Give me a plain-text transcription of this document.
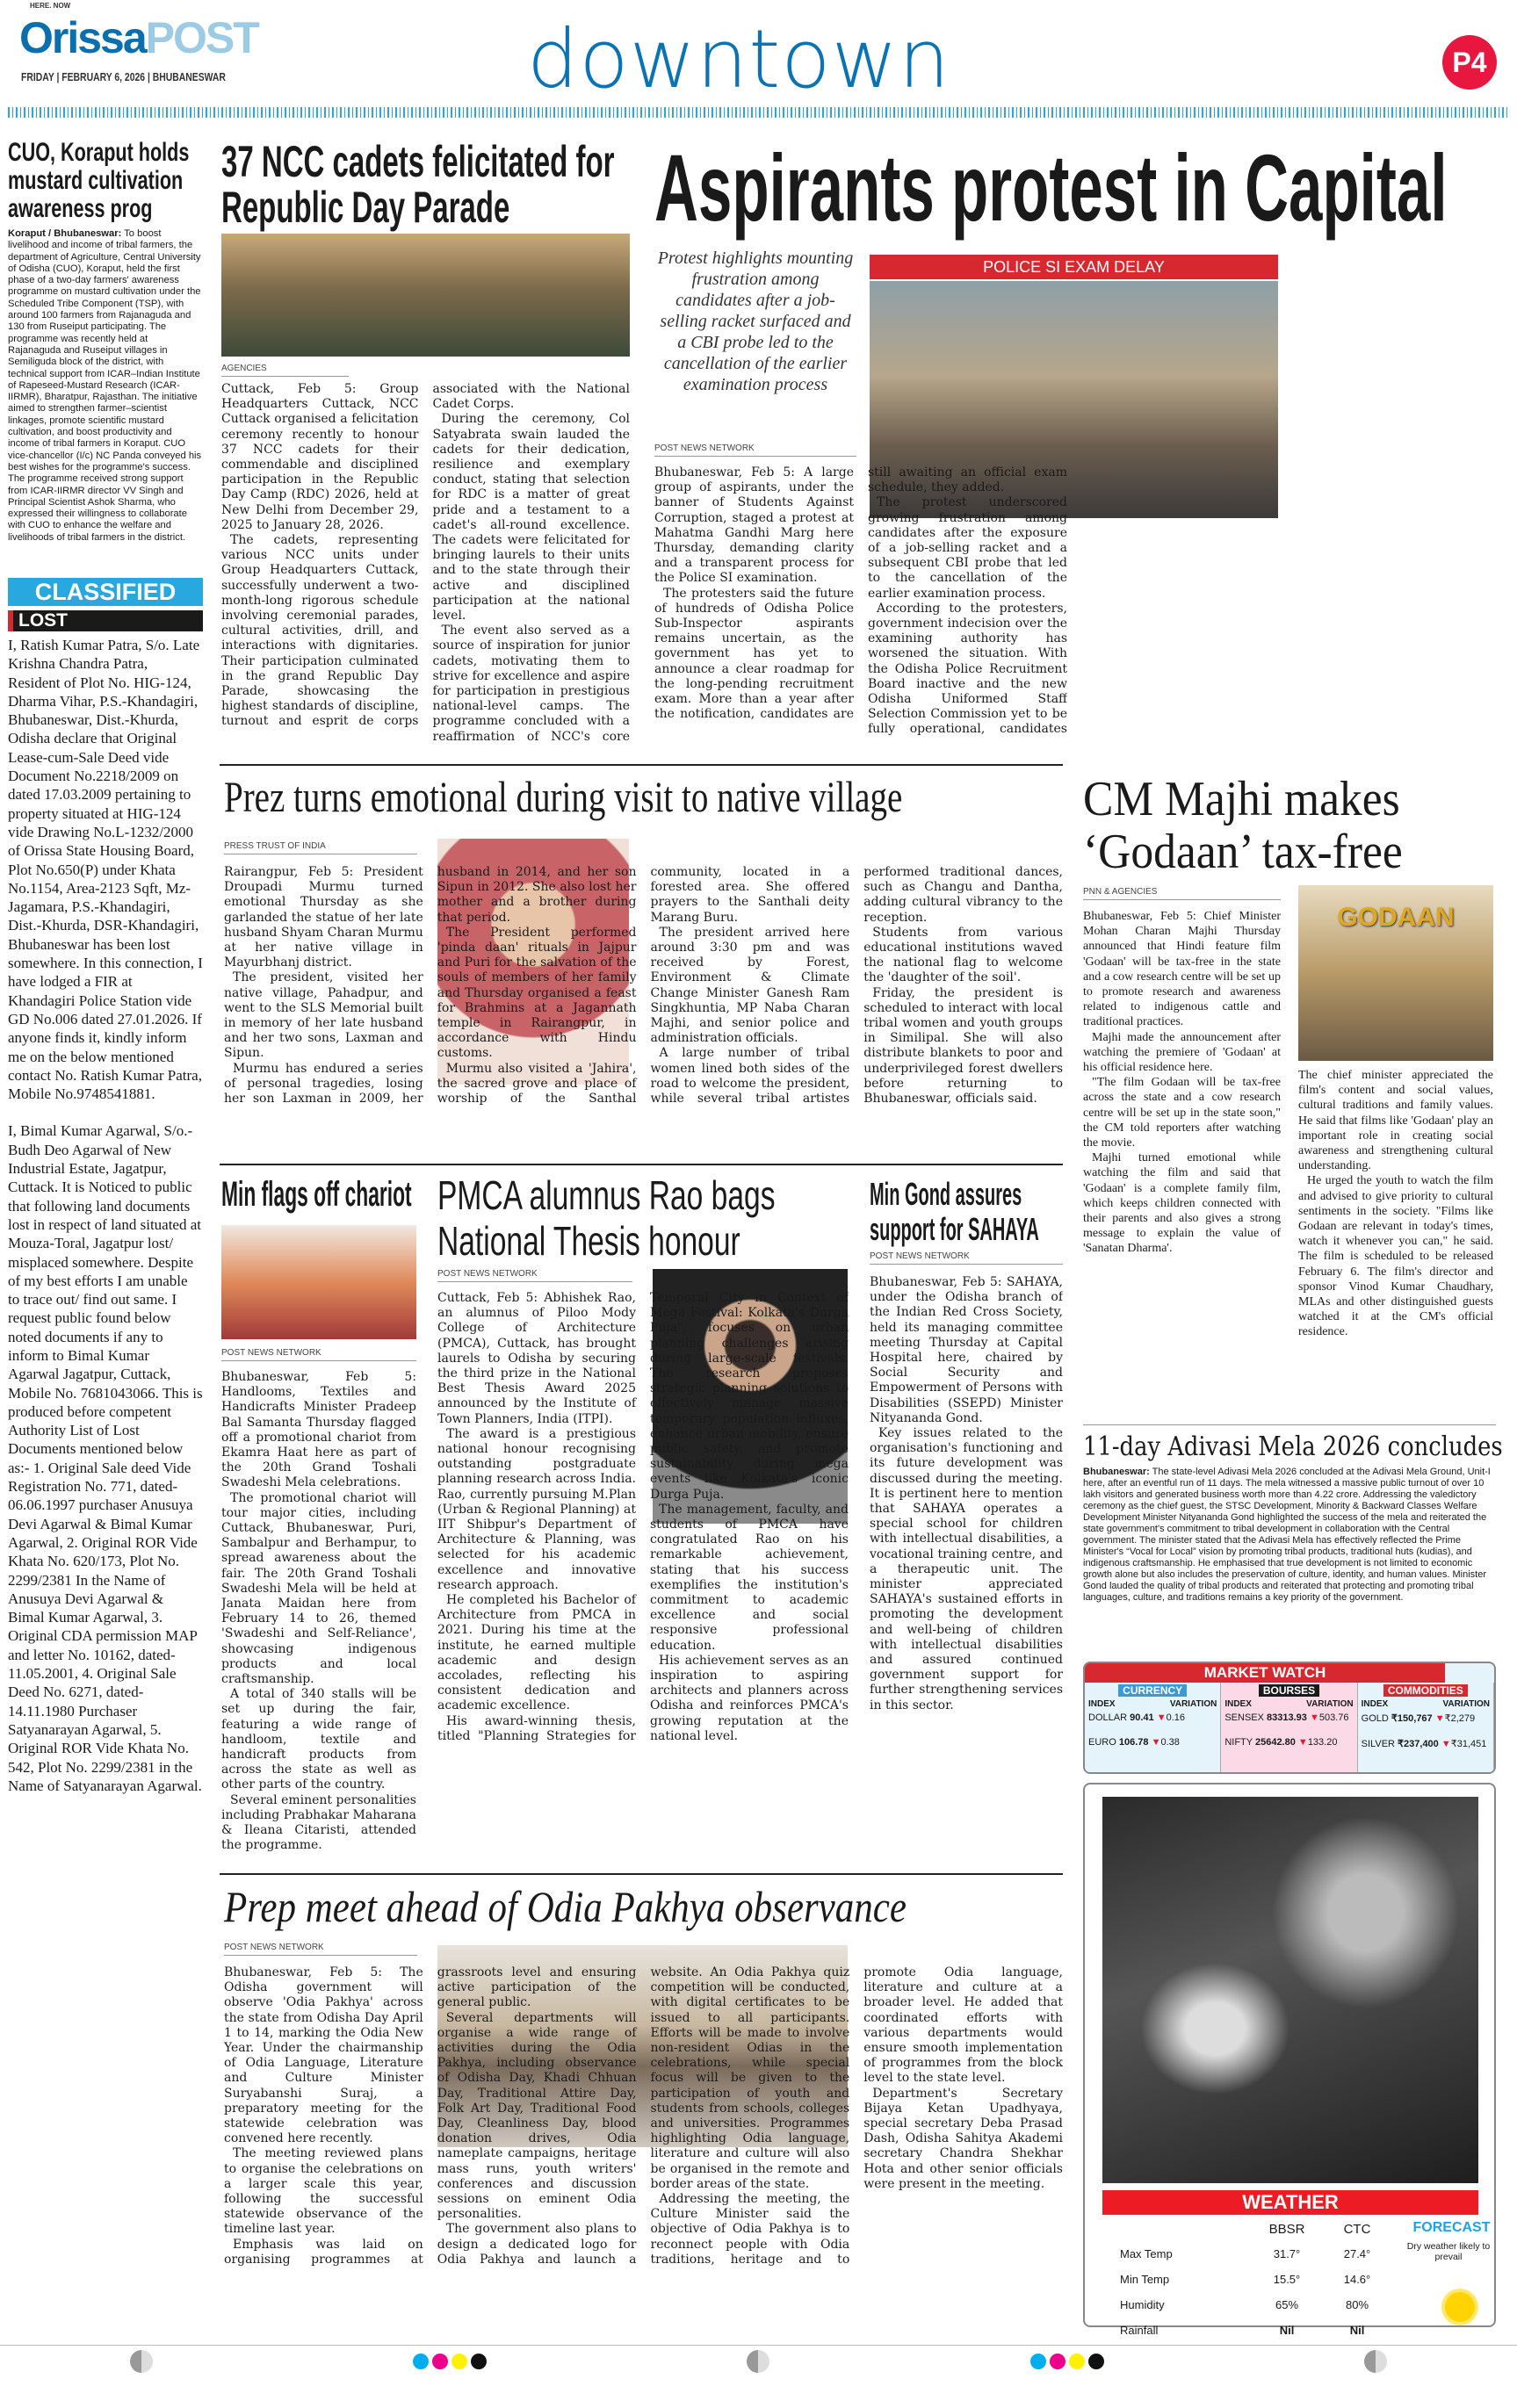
OrissaPOST
HERE. NOW
FRIDAY | FEBRUARY 6, 2026 | BHUBANESWAR	downtown	P4
CUO, Koraput holds mustard cultivation awareness prog
Koraput / Bhubaneswar: To boost livelihood and income of tribal farmers, the department of Agriculture, Central University of Odisha (CUO), Koraput, held the first phase of a two-day farmers' awareness programme on mustard cultivation under the Scheduled Tribe Component (TSP), with around 100 farmers from Rajanaguda and 130 from Ruseiput participating. The programme was recently held at Rajanaguda and Ruseiput villages in Semiliguda block of the district, with technical support from ICAR–Indian Institute of Rapeseed-Mustard Research (ICAR-IIRMR), Bharatpur, Rajasthan. The initiative aimed to strengthen farmer–scientist linkages, promote scientific mustard cultivation, and boost productivity and income of tribal farmers in Koraput. CUO vice-chancellor (I/c) NC Panda conveyed his best wishes for the programme's success. The programme received strong support from ICAR-IIRMR director VV Singh and Principal Scientist Ashok Sharma, who expressed their willingness to collaborate with CUO to enhance the welfare and livelihoods of tribal farmers in the district.
CLASSIFIED
LOST

I, Ratish Kumar Patra, S/o. Late Krishna Chandra Patra, Resident of Plot No. HIG-124, Dharma Vihar, P.S.-Khandagiri, Bhubaneswar, Dist.-Khurda, Odisha declare that Original Lease-cum-Sale Deed vide Document No.2218/2009 on dated 17.03.2009 pertaining to property situated at HIG-124 vide Drawing No.L-1232/2000 of Orissa State Housing Board, Plot No.650(P) under Khata No.1154, Area-2123 Sqft, Mz-Jagamara, P.S.-Khandagiri, Dist.-Khurda, DSR-Khandagiri, Bhubaneswar has been lost somewhere. In this connection, I have lodged a FIR at Khandagiri Police Station vide GD No.006 dated 27.01.2026. If anyone finds it, kindly inform me on the below mentioned contact No. Ratish Kumar Patra, Mobile No.9748541881.

I, Bimal Kumar Agarwal, S/o.- Budh Deo Agarwal of New Industrial Estate, Jagatpur, Cuttack. It is Noticed to public that following land documents lost in respect of land situated at Mouza-Toral, Jagatpur lost/ misplaced somewhere. Despite of my best efforts I am unable to trace out/ find out same. I request public found below noted documents if any to inform to Bimal Kumar Agarwal Jagatpur, Cuttack, Mobile No. 7681043066. This is produced before competent Authority List of Lost Documents mentioned below as:- 1. Original Sale deed Vide Registration No. 771, dated- 06.06.1997 purchaser Anusuya Devi Agarwal & Bimal Kumar Agarwal, 2. Original ROR Vide Khata No. 620/173, Plot No. 2299/2381 In the Name of Anusuya Devi Agarwal & Bimal Kumar Agarwal, 3. Original CDA permission MAP and letter No. 10162, dated- 11.05.2001, 4. Original Sale Deed No. 6271, dated- 14.11.1980 Purchaser Satyanarayan Agarwal, 5. Original ROR Vide Khata No. 542, Plot No. 2299/2381 in the Name of Satyanarayan Agarwal.

37 NCC cadets felicitated for Republic Day Parade
AGENCIES

Cuttack, Feb 5: Group Headquarters Cuttack, NCC Cuttack organised a felicitation ceremony recently to honour 37 NCC cadets for their commendable and disciplined participation in the Republic Day Camp (RDC) 2026, held at New Delhi from December 29, 2025 to January 28, 2026.

The cadets, representing various NCC units under Group Headquarters Cuttack, successfully underwent a two-month-long rigorous schedule involving ceremonial parades, cultural activities, drill, and interactions with dignitaries. Their participation culminated in the grand Republic Day Parade, showcasing the highest standards of discipline, turnout and esprit de corps associated with the National Cadet Corps.

During the ceremony, Col Satyabrata swain lauded the cadets for their dedication, resilience and exemplary conduct, stating that selection for RDC is a matter of great pride and a testament to a cadet's all-round excellence. The cadets were felicitated for bringing laurels to their units and to the state through their active and disciplined participation at the national level.

The event also served as a source of inspiration for junior cadets, motivating them to strive for excellence and aspire for participation in prestigious national-level camps. The programme concluded with a reaffirmation of NCC's core

Aspirants protest in Capital
Protest highlights mounting frustration among candidates after a job-selling racket surfaced and a CBI probe led to the cancellation of the earlier examination process
POLICE SI EXAM DELAY
POST NEWS NETWORK

Bhubaneswar, Feb 5: A large group of aspirants, under the banner of Students Against Corruption, staged a protest at Mahatma Gandhi Marg here Thursday, demanding clarity and a transparent process for the Police SI examination.

The protesters said the future of hundreds of Odisha Police Sub-Inspector aspirants remains uncertain, as the government has yet to announce a clear roadmap for the long-pending recruitment exam. More than a year after the notification, candidates are still awaiting an official exam schedule, they added.

The protest underscored growing frustration among candidates after the exposure of a job-selling racket and a subsequent CBI probe that led to the cancellation of the earlier examination process.

According to the protesters, government indecision over the examining authority has worsened the situation. With the Odisha Police Recruitment Board inactive and the new Odisha Uniformed Staff Selection Commission yet to be fully operational, candidates

Prez turns emotional during visit to native village
PRESS TRUST OF INDIA

Rairangpur, Feb 5: President Droupadi Murmu turned emotional Thursday as she garlanded the statue of her late husband Shyam Charan Murmu at her native village in Mayurbhanj district.

The president, visited her native village, Pahadpur, and went to the SLS Memorial built in memory of her late husband and her two sons, Laxman and Sipun.

Murmu has endured a series of personal tragedies, losing her son Laxman in 2009, her husband in 2014, and her son Sipun in 2012. She also lost her mother and a brother during that period.

The President performed 'pinda daan' rituals in Jajpur and Puri for the salvation of the souls of members of her family and Thursday organised a feast for Brahmins at a Jagannath temple in Rairangpur, in accordance with Hindu customs.

Murmu also visited a 'Jahira', the sacred grove and place of worship of the Santhal community, located in a forested area. She offered prayers to the Santhali deity Marang Buru.

The president arrived here around 3:30 pm and was received by Forest, Environment & Climate Change Minister Ganesh Ram Singkhuntia, MP Naba Charan Majhi, and senior police and administration officials.

A large number of tribal women lined both sides of the road to welcome the president, while several tribal artistes performed traditional dances, such as Changu and Dantha, adding cultural vibrancy to the reception.

Students from various educational institutions waved the national flag to welcome the 'daughter of the soil'.

Friday, the president is scheduled to interact with local tribal women and youth groups in Similipal. She will also distribute blankets to poor and underprivileged forest dwellers before returning to Bhubaneswar, officials said.

CM Majhi makes ‘Godaan’ tax-free
PNN & AGENCIES
GODAAN

Bhubaneswar, Feb 5: Chief Minister Mohan Charan Majhi Thursday announced that Hindi feature film 'Godaan' will be tax-free in the state and a cow research centre will be set up to promote research and awareness related to indigenous cattle and traditional practices.

Majhi made the announcement after watching the premiere of 'Godaan' at his official residence here.

"The film Godaan will be tax-free across the state and a cow research centre will be set up in the state soon," the CM told reporters after watching the movie.

Majhi turned emotional while watching the film and said that 'Godaan' is a complete family film, which keeps children connected with their parents and also gives a strong message to explain the value of 'Sanatan Dharma'.

The chief minister appreciated the film's content and social values, cultural traditions and family values. He said that films like 'Godaan' play an important role in creating social awareness and strengthening cultural understanding.

He urged the youth to watch the film and advised to give priority to cultural sentiments in the society. "Films like Godaan are relevant in today's times, watch it whenever you can," he said. The film is scheduled to be released February 6. The film's director and sponsor Vinod Kumar Chaudhary, MLAs and other distinguished guests watched it at the CM's official residence.

Min flags off chariot
POST NEWS NETWORK

Bhubaneswar, Feb 5: Handlooms, Textiles and Handicrafts Minister Pradeep Bal Samanta Thursday flagged off a promotional chariot from Ekamra Haat here as part of the 20th Grand Toshali Swadeshi Mela celebrations.

The promotional chariot will tour major cities, including Cuttack, Bhubaneswar, Puri, Sambalpur and Berhampur, to spread awareness about the fair. The 20th Grand Toshali Swadeshi Mela will be held at Janata Maidan here from February 14 to 26, themed 'Swadeshi and Self-Reliance', showcasing indigenous products and local craftsmanship.

A total of 340 stalls will be set up during the fair, featuring a wide range of handloom, textile and handicraft products from across the state as well as other parts of the country.

Several eminent personalities including Prabhakar Maharana & Ileana Citaristi, attended the programme.

PMCA alumnus Rao bags National Thesis honour
POST NEWS NETWORK

Cuttack, Feb 5: Abhishek Rao, an alumnus of Piloo Mody College of Architecture (PMCA), Cuttack, has brought laurels to Odisha by securing the third prize in the National Best Thesis Award 2025 announced by the Institute of Town Planners, India (ITPI).

The award is a prestigious national honour recognising outstanding postgraduate planning research across India. Rao, currently pursuing M.Plan (Urban & Regional Planning) at IIT Shibpur's Department of Architecture & Planning, was selected for his academic excellence and innovative research approach.

He completed his Bachelor of Architecture from PMCA in 2021. During his time at the institute, he earned multiple academic and design accolades, reflecting his consistent dedication and academic excellence.

His award-winning thesis, titled "Planning Strategies for Temporal City in Context of Mega Festival: Kolkata's Durga Puja", focuses on urban planning challenges arising during large-scale festivals. The research proposes strategic planning solutions to effectively manage massive temporary population influxes, enhance urban mobility, ensure public safety, and promote sustainability during mega events like Kolkata's iconic Durga Puja.

The management, faculty, and students of PMCA have congratulated Rao on his remarkable achievement, stating that his success exemplifies the institution's commitment to academic excellence and social responsive professional education.

His achievement serves as an inspiration to aspiring architects and planners across Odisha and reinforces PMCA's growing reputation at the national level.

Min Gond assures support for SAHAYA
POST NEWS NETWORK

Bhubaneswar, Feb 5: SAHAYA, under the Odisha branch of the Indian Red Cross Society, held its managing committee meeting Thursday at Capital Hospital here, chaired by Social Security and Empowerment of Persons with Disabilities (SSEPD) Minister Nityananda Gond.

Key issues related to the organisation's functioning and its future development was discussed during the meeting. It is pertinent here to mention that SAHAYA operates a special school for children with intellectual disabilities, a vocational training centre, and a therapeutic unit. The minister appreciated SAHAYA's sustained efforts in promoting the development and well-being of children with intellectual disabilities and assured continued government support for further strengthening services in this sector.

11-day Adivasi Mela 2026 concludes
Bhubaneswar: The state-level Adivasi Mela 2026 concluded at the Adivasi Mela Ground, Unit-I here, after an eventful run of 11 days. The mela witnessed a massive public turnout of over 10 lakh visitors and generated business worth more than 4.22 crore. Addressing the valedictory ceremony as the chief guest, the STSC Development, Minority & Backward Classes Welfare Development Minister Nityananda Gond highlighted the success of the mela and reiterated the state government's commitment to tribal development in collaboration with the Central government. The minister stated that the Adivasi Mela has effectively reflected the Prime Minister's “Vocal for Local” vision by promoting tribal products, traditional huts (kudias), and indigenous craftsmanship. He emphasised that true development is not limited to economic growth alone but also includes the preservation of culture, identity, and human values. Minister Gond lauded the quality of tribal products and reiterated that protecting and promoting tribal languages, culture, and traditions remains a key priority of the government.
MARKET WATCH
CURRENCY
INDEX	VARIATION
DOLLAR 90.41 ▼0.16
EURO 106.78 ▼0.38
BOURSES
INDEX	VARIATION
SENSEX 83313.93 ▼503.76
NIFTY 25642.80 ▼133.20
COMMODITIES
INDEX	VARIATION
GOLD ₹150,767 ▼₹2,279
SILVER ₹237,400 ▼₹31,451
WEATHER
BBSR	CTC	FORECAST
Dry weather likely to prevail
Max Temp	31.7°	27.4°
Min Temp	15.5°	14.6°
Humidity	65%	80%
Rainfall	Nil	Nil
Prep meet ahead of Odia Pakhya observance
POST NEWS NETWORK

Bhubaneswar, Feb 5: The Odisha government will observe 'Odia Pakhya' across the state from Odisha Day April 1 to 14, marking the Odia New Year. Under the chairmanship of Odia Language, Literature and Culture Minister Suryabanshi Suraj, a preparatory meeting for the statewide celebration was convened here recently.

The meeting reviewed plans to organise the celebrations on a larger scale this year, following the successful statewide observance of the timeline last year.

Emphasis was laid on organising programmes at grassroots level and ensuring active participation of the general public.

Several departments will organise a wide range of activities during the Odia Pakhya, including observance of Odisha Day, Khadi Chhuan Day, Traditional Attire Day, Folk Art Day, Traditional Food Day, Cleanliness Day, blood donation drives, Odia nameplate campaigns, heritage mass runs, youth writers' conferences and discussion sessions on eminent Odia personalities.

The government also plans to design a dedicated logo for Odia Pakhya and launch a website. An Odia Pakhya quiz competition will be conducted, with digital certificates to be issued to all participants. Efforts will be made to involve non-resident Odias in the celebrations, while special focus will be given to the participation of youth and students from schools, colleges and universities. Programmes highlighting Odia language, literature and culture will also be organised in the remote and border areas of the state.

Addressing the meeting, the Culture Minister said the objective of Odia Pakhya is to reconnect people with Odia traditions, heritage and to promote Odia language, literature and culture at a broader level. He added that coordinated efforts with various departments would ensure smooth implementation of programmes from the block level to the state level.

Department's Secretary Bijaya Ketan Upadhyaya, special secretary Deba Prasad Dash, Odisha Sahitya Akademi secretary Chandra Shekhar Hota and other senior officials were present in the meeting.
